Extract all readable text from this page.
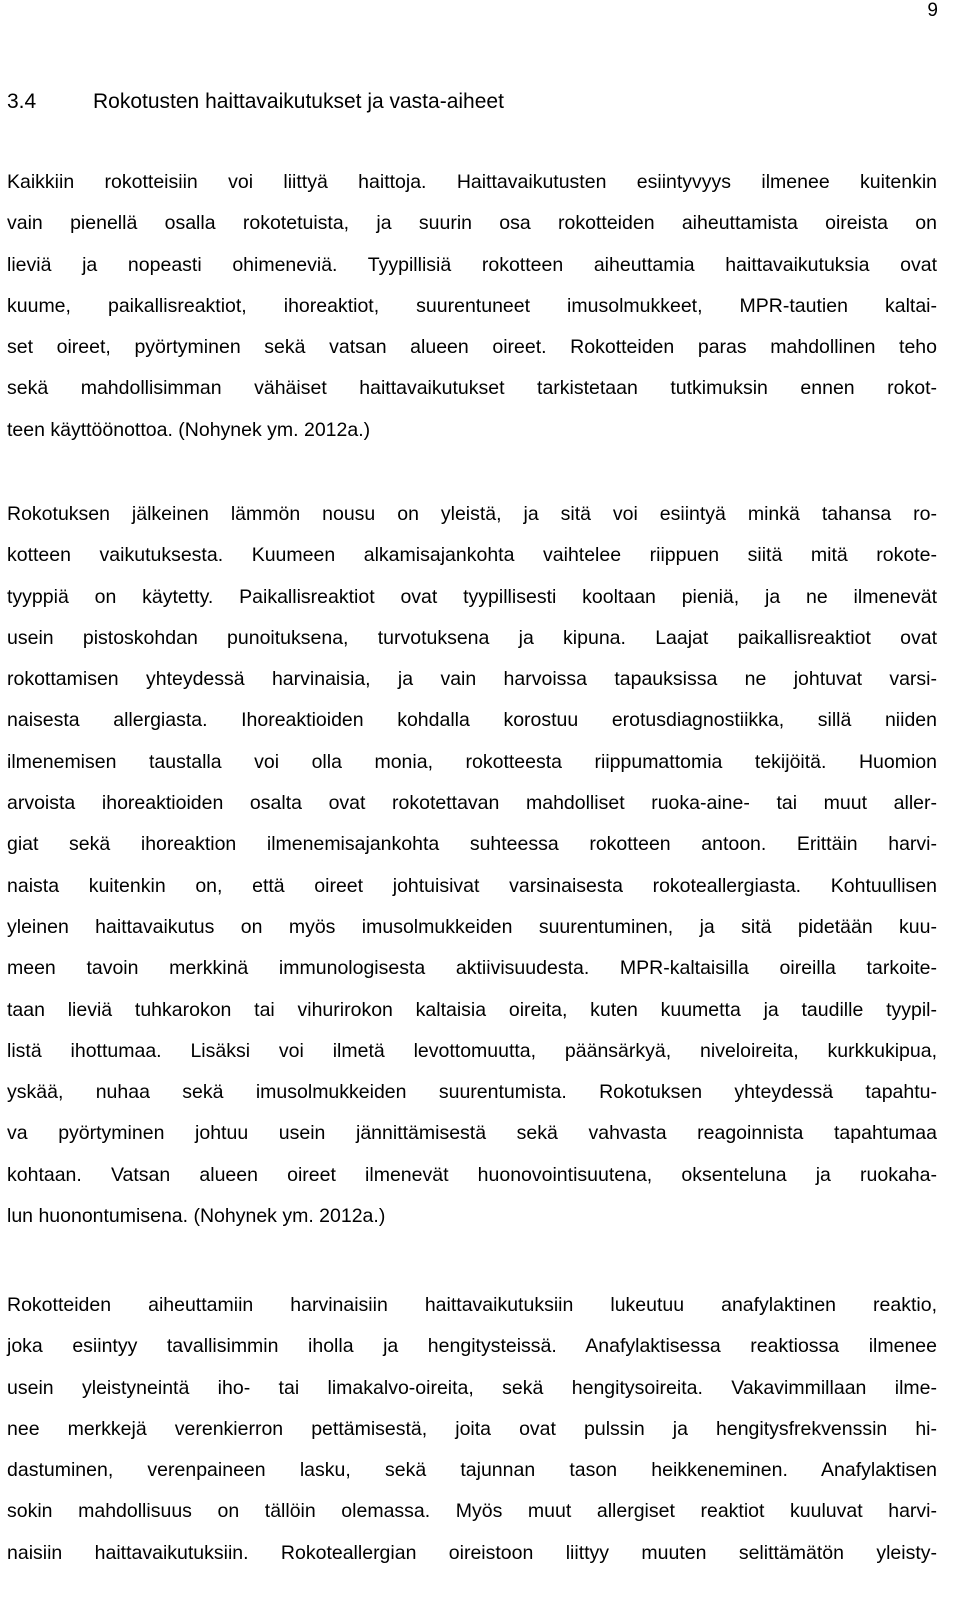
9
3.4	Rokotusten haittavaikutukset ja vasta-aiheet
Kaikkiin rokotteisiin voi liittyä haittoja. Haittavaikutusten esiintyvyys ilmenee kuitenkin
vain pienellä osalla rokotetuista, ja suurin osa rokotteiden aiheuttamista oireista on
lieviä ja nopeasti ohimeneviä. Tyypillisiä rokotteen aiheuttamia haittavaikutuksia ovat
kuume, paikallisreaktiot, ihoreaktiot, suurentuneet imusolmukkeet, MPR-tautien kaltai-
set oireet, pyörtyminen sekä vatsan alueen oireet. Rokotteiden paras mahdollinen teho
sekä mahdollisimman vähäiset haittavaikutukset tarkistetaan tutkimuksin ennen rokot-
teen käyttöönottoa. (Nohynek ym. 2012a.)
Rokotuksen jälkeinen lämmön nousu on yleistä, ja sitä voi esiintyä minkä tahansa ro-
kotteen vaikutuksesta. Kuumeen alkamisajankohta vaihtelee riippuen siitä mitä rokote-
tyyppiä on käytetty. Paikallisreaktiot ovat tyypillisesti kooltaan pieniä, ja ne ilmenevät
usein pistoskohdan punoituksena, turvotuksena ja kipuna. Laajat paikallisreaktiot ovat
rokottamisen yhteydessä harvinaisia, ja vain harvoissa tapauksissa ne johtuvat varsi-
naisesta allergiasta. Ihoreaktioiden kohdalla korostuu erotusdiagnostiikka, sillä niiden
ilmenemisen taustalla voi olla monia, rokotteesta riippumattomia tekijöitä. Huomion
arvoista ihoreaktioiden osalta ovat rokotettavan mahdolliset ruoka-aine- tai muut aller-
giat sekä ihoreaktion ilmenemisajankohta suhteessa rokotteen antoon. Erittäin harvi-
naista kuitenkin on, että oireet johtuisivat varsinaisesta rokoteallergiasta. Kohtuullisen
yleinen haittavaikutus on myös imusolmukkeiden suurentuminen, ja sitä pidetään kuu-
meen tavoin merkkinä immunologisesta aktiivisuudesta. MPR-kaltaisilla oireilla tarkoite-
taan lieviä tuhkarokon tai vihurirokon kaltaisia oireita, kuten kuumetta ja taudille tyypil-
listä ihottumaa. Lisäksi voi ilmetä levottomuutta, päänsärkyä, niveloireita, kurkkukipua,
yskää, nuhaa sekä imusolmukkeiden suurentumista. Rokotuksen yhteydessä tapahtu-
va pyörtyminen johtuu usein jännittämisestä sekä vahvasta reagoinnista tapahtumaa
kohtaan. Vatsan alueen oireet ilmenevät huonovointisuutena, oksenteluna ja ruokaha-
lun huonontumisena. (Nohynek ym. 2012a.)
Rokotteiden aiheuttamiin harvinaisiin haittavaikutuksiin lukeutuu anafylaktinen reaktio,
joka esiintyy tavallisimmin iholla ja hengitysteissä. Anafylaktisessa reaktiossa ilmenee
usein yleistyneintä iho- tai limakalvo-oireita, sekä hengitysoireita. Vakavimmillaan ilme-
nee merkkejä verenkierron pettämisestä, joita ovat pulssin ja hengitysfrekvenssin hi-
dastuminen, verenpaineen lasku, sekä tajunnan tason heikkeneminen. Anafylaktisen
sokin mahdollisuus on tällöin olemassa. Myös muut allergiset reaktiot kuuluvat harvi-
naisiin haittavaikutuksiin. Rokoteallergian oireistoon liittyy muuten selittämätön yleisty-
